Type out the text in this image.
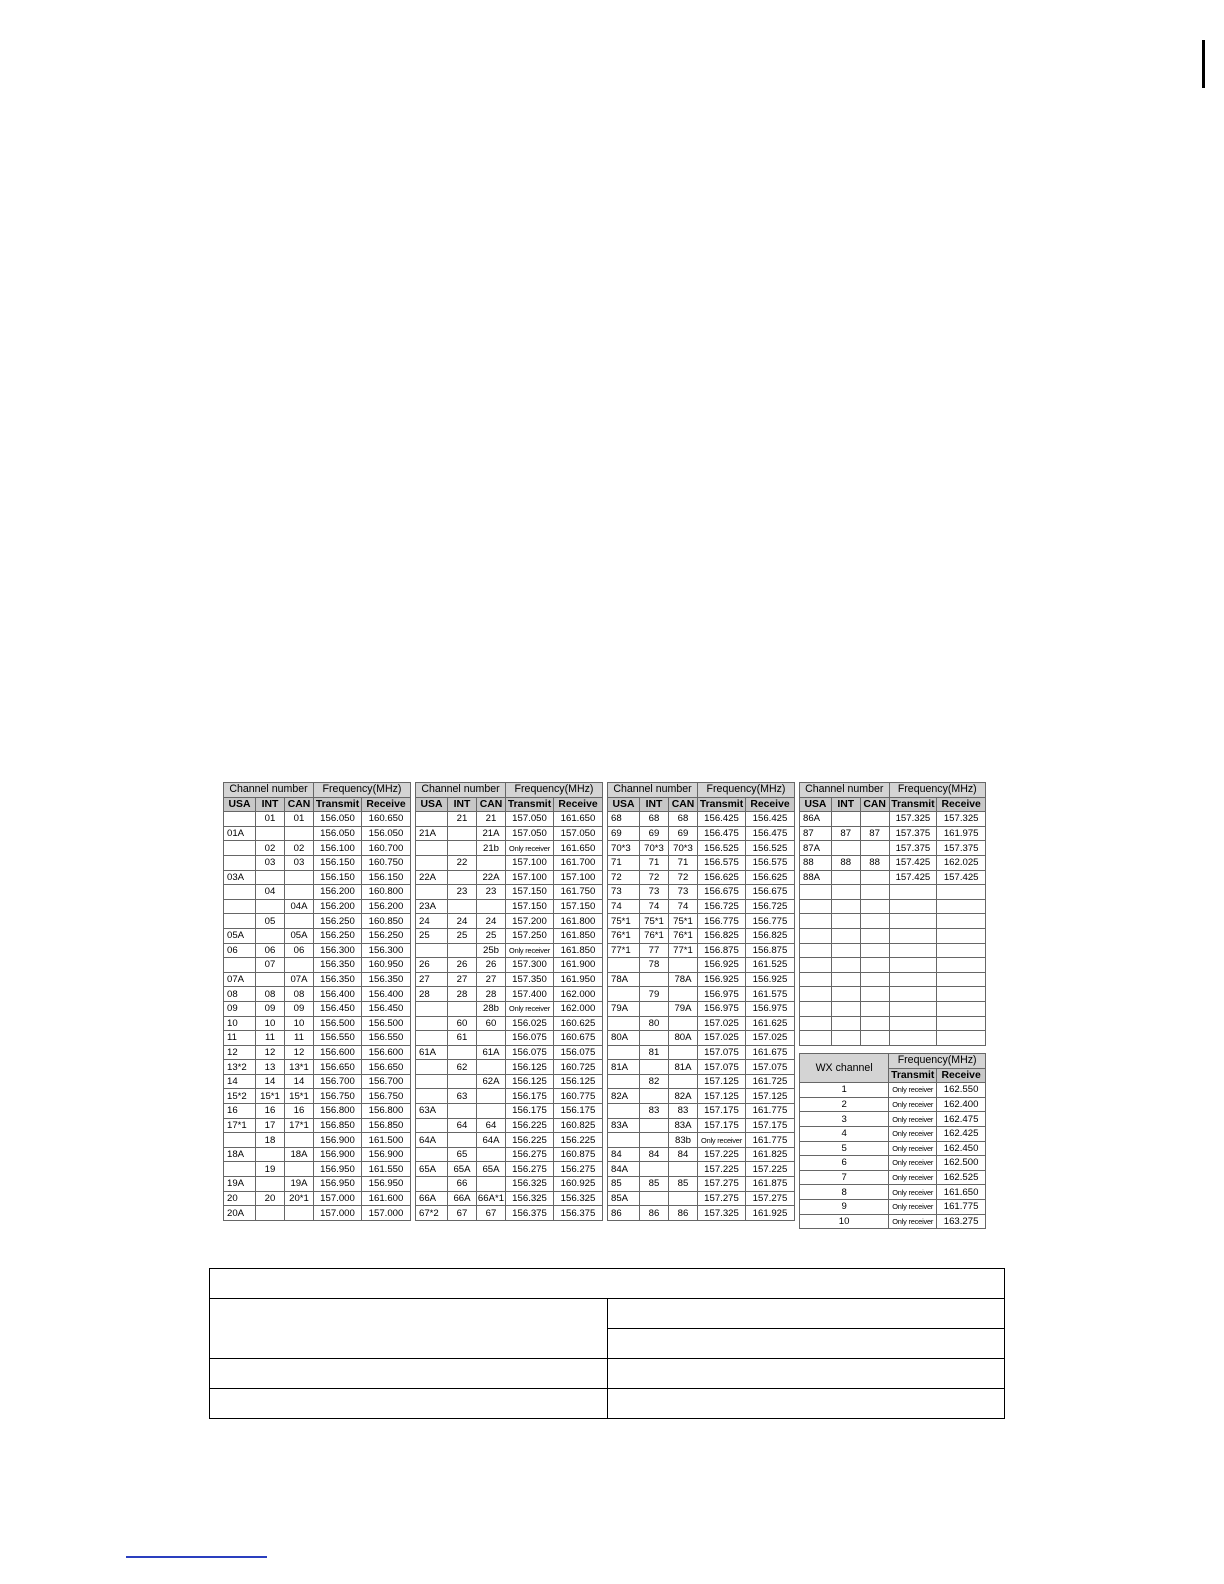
Channel number			Frequency(MHz)	
USA	INT	CAN	Transmit	Receive
	01	01	156.050	160.650
01A			156.050	156.050
	02	02	156.100	160.700
	03	03	156.150	160.750
03A			156.150	156.150
	04		156.200	160.800
		04A	156.200	156.200
	05		156.250	160.850
05A		05A	156.250	156.250
06	06	06	156.300	156.300
	07		156.350	160.950
07A		07A	156.350	156.350
08	08	08	156.400	156.400
09	09	09	156.450	156.450
10	10	10	156.500	156.500
11	11	11	156.550	156.550
12	12	12	156.600	156.600
13*2	13	13*1	156.650	156.650
14	14	14	156.700	156.700
15*2	15*1	15*1	156.750	156.750
16	16	16	156.800	156.800
17*1	17	17*1	156.850	156.850
	18		156.900	161.500
18A		18A	156.900	156.900
	19		156.950	161.550
19A		19A	156.950	156.950
20	20	20*1	157.000	161.600
20A			157.000	157.000
Channel number			Frequency(MHz)	
USA	INT	CAN	Transmit	Receive
	21	21	157.050	161.650
21A		21A	157.050	157.050
		21b	Only receiver	161.650
	22		157.100	161.700
22A		22A	157.100	157.100
	23	23	157.150	161.750
23A			157.150	157.150
24	24	24	157.200	161.800
25	25	25	157.250	161.850
		25b	Only receiver	161.850
26	26	26	157.300	161.900
27	27	27	157.350	161.950
28	28	28	157.400	162.000
		28b	Only receiver	162.000
	60	60	156.025	160.625
	61		156.075	160.675
61A		61A	156.075	156.075
	62		156.125	160.725
		62A	156.125	156.125
	63		156.175	160.775
63A			156.175	156.175
	64	64	156.225	160.825
64A		64A	156.225	156.225
	65		156.275	160.875
65A	65A	65A	156.275	156.275
	66		156.325	160.925
66A	66A	66A*1	156.325	156.325
67*2	67	67	156.375	156.375
Channel number			Frequency(MHz)	
USA	INT	CAN	Transmit	Receive
68	68	68	156.425	156.425
69	69	69	156.475	156.475
70*3	70*3	70*3	156.525	156.525
71	71	71	156.575	156.575
72	72	72	156.625	156.625
73	73	73	156.675	156.675
74	74	74	156.725	156.725
75*1	75*1	75*1	156.775	156.775
76*1	76*1	76*1	156.825	156.825
77*1	77	77*1	156.875	156.875
	78		156.925	161.525
78A		78A	156.925	156.925
	79		156.975	161.575
79A		79A	156.975	156.975
	80		157.025	161.625
80A		80A	157.025	157.025
	81		157.075	161.675
81A		81A	157.075	157.075
	82		157.125	161.725
82A		82A	157.125	157.125
	83	83	157.175	161.775
83A		83A	157.175	157.175
		83b	Only receiver	161.775
84	84	84	157.225	161.825
84A			157.225	157.225
85	85	85	157.275	161.875
85A			157.275	157.275
86	86	86	157.325	161.925
Channel number			Frequency(MHz)	
USA	INT	CAN	Transmit	Receive
86A			157.325	157.325
87	87	87	157.375	161.975
87A			157.375	157.375
88	88	88	157.425	162.025
88A			157.425	157.425

WX channel	Frequency(MHz)	
	Transmit	Receive
1	Only receiver	162.550
2	Only receiver	162.400
3	Only receiver	162.475
4	Only receiver	162.425
5	Only receiver	162.450
6	Only receiver	162.500
7	Only receiver	162.525
8	Only receiver	161.650
9	Only receiver	161.775
10	Only receiver	163.275
